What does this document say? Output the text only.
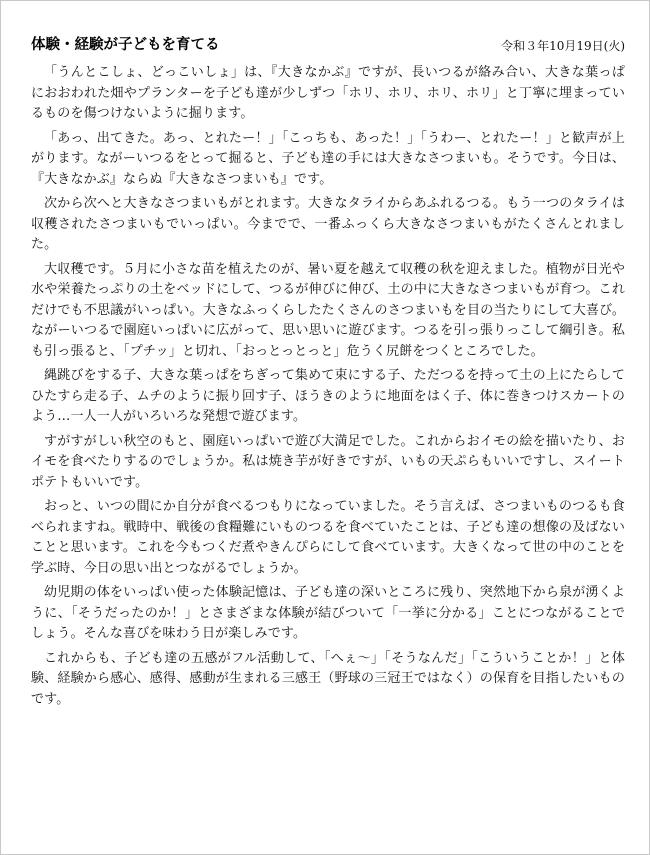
体験・経験が子どもを育てる	令和３年10月19日(火)

「うんとこしょ、どっこいしょ」は、『大きなかぶ』ですが、長いつるが絡み合い、大きな葉っぱにおおわれた畑やプランターを子ども達が少しずつ「ホリ、ホリ、ホリ、ホリ」と丁寧に埋まっているものを傷つけないように掘ります。

「あっ、出てきた。あっ、とれたー！」「こっちも、あった！」「うわー、とれたー！」と歓声が上がります。ながーいつるをとって掘ると、子ども達の手には大きなさつまいも。そうです。今日は、『大きなかぶ』ならぬ『大きなさつまいも』です。

次から次へと大きなさつまいもがとれます。大きなタライからあふれるつる。もう一つのタライは収穫されたさつまいもでいっぱい。今までで、一番ふっくら大きなさつまいもがたくさんとれました。

大収穫です。５月に小さな苗を植えたのが、暑い夏を越えて収穫の秋を迎えました。植物が日光や水や栄養たっぷりの土をベッドにして、つるが伸びに伸び、土の中に大きなさつまいもが育つ。これだけでも不思議がいっぱい。大きなふっくらしたたくさんのさつまいもを目の当たりにして大喜び。ながーいつるで園庭いっぱいに広がって、思い思いに遊びます。つるを引っ張りっこして綱引き。私も引っ張ると、「プチッ」と切れ、「おっとっとっと」危うく尻餅をつくところでした。

縄跳びをする子、大きな葉っぱをちぎって集めて束にする子、ただつるを持って土の上にたらしてひたすら走る子、ムチのように振り回す子、ほうきのように地面をはく子、体に巻きつけスカートのよう…一人一人がいろいろな発想で遊びます。

すがすがしい秋空のもと、園庭いっぱいで遊び大満足でした。これからおイモの絵を描いたり、おイモを食べたりするのでしょうか。私は焼き芋が好きですが、いもの天ぷらもいいですし、スイートポテトもいいです。

おっと、いつの間にか自分が食べるつもりになっていました。そう言えば、さつまいものつるも食べられますね。戦時中、戦後の食糧難にいものつるを食べていたことは、子ども達の想像の及ばないことと思います。これを今もつくだ煮やきんぴらにして食べています。大きくなって世の中のことを学ぶ時、今日の思い出とつながるでしょうか。

幼児期の体をいっぱい使った体験記憶は、子ども達の深いところに残り、突然地下から泉が湧くように、「そうだったのか！」とさまざまな体験が結びついて「一挙に分かる」ことにつながることでしょう。そんな喜びを味わう日が楽しみです。

これからも、子ども達の五感がフル活動して、「へぇ～」「そうなんだ」「こういうことか！」と体験、経験から感心、感得、感動が生まれる三感王（野球の三冠王ではなく）の保育を目指したいものです。
